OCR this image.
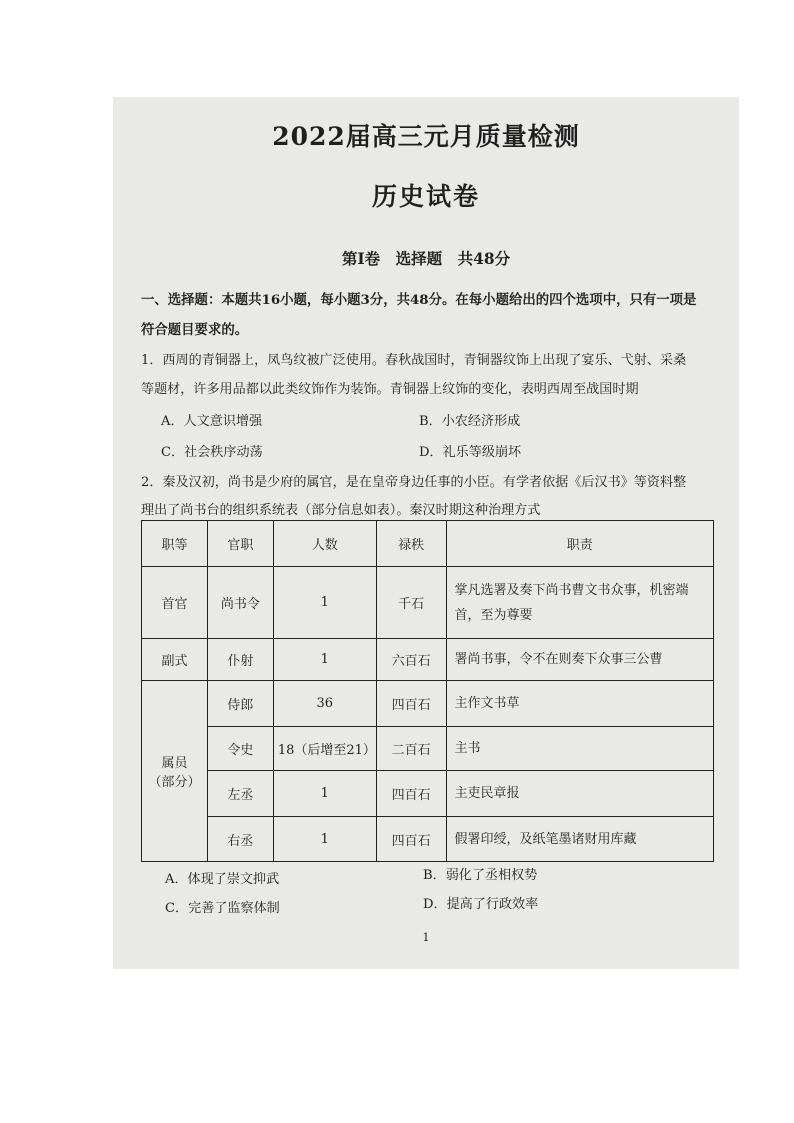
2022届高三元月质量检测
历史试卷
第Ⅰ卷　选择题　共48分
一、选择题：本题共16小题，每小题3分，共48分。在每小题给出的四个选项中，只有一项是
符合题目要求的。
1．西周的青铜器上，凤鸟纹被广泛使用。春秋战国时，青铜器纹饰上出现了宴乐、弋射、采桑
等题材，许多用品都以此类纹饰作为装饰。青铜器上纹饰的变化，表明西周至战国时期
A．人文意识增强	B．小农经济形成
C．社会秩序动荡	D．礼乐等级崩坏
2．秦及汉初，尚书是少府的属官，是在皇帝身边任事的小臣。有学者依据《后汉书》等资料整
理出了尚书台的组织系统表（部分信息如表）。秦汉时期这种治理方式
职等	官职	人数	禄秩	职责
首官	尚书令	1	千石	掌凡选署及奏下尚书曹文书众事，机密端
首，至为尊要
副式	仆射	1	六百石	署尚书事，令不在则奏下众事三公曹
属员
（部分）	侍郎	36	四百石	主作文书草
	令史	18（后增至21）	二百石	主书
	左丞	1	四百石	主吏民章报
	右丞	1	四百石	假署印绶，及纸笔墨诸财用库藏
A．体现了崇文抑武	B．弱化了丞相权势
C．完善了监察体制	D．提高了行政效率
1
